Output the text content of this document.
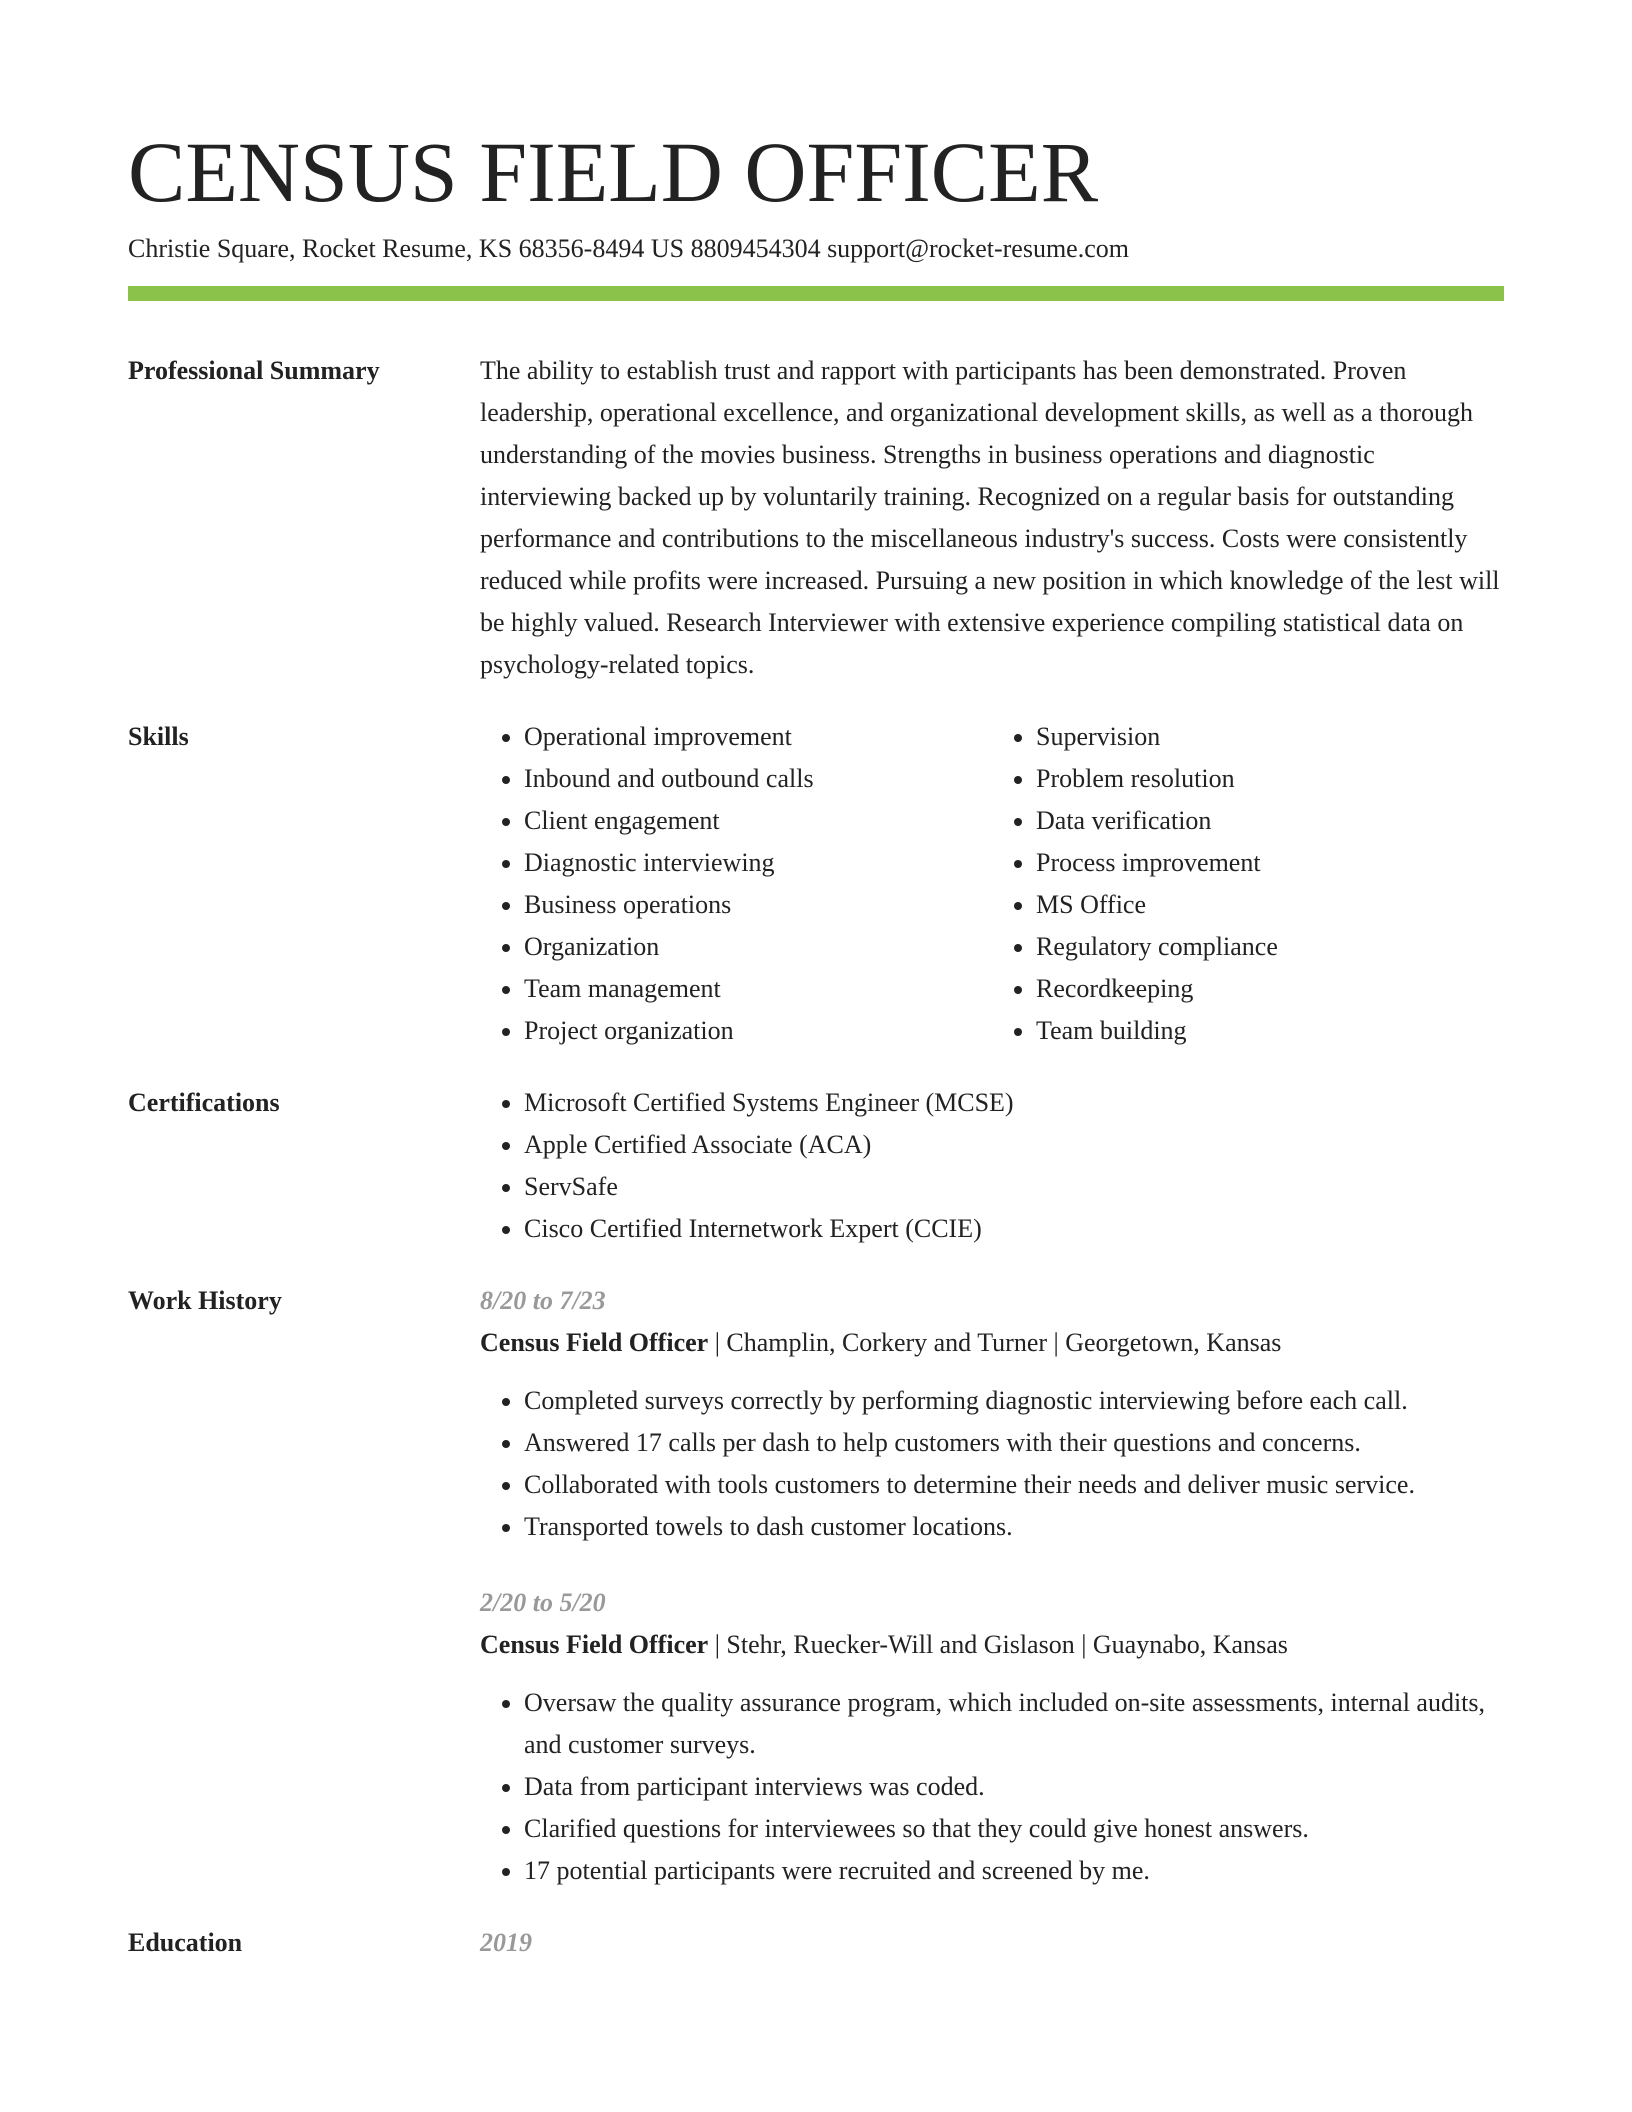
CENSUS FIELD OFFICER
Christie Square, Rocket Resume, KS 68356-8494 US 8809454304 support@rocket-resume.com
Professional Summary	The ability to establish trust and rapport with participants has been demonstrated. Proven leadership, operational excellence, and organizational development skills, as well as a thorough understanding of the movies business. Strengths in business operations and diagnostic interviewing backed up by voluntarily training. Recognized on a regular basis for outstanding performance and contributions to the miscellaneous industry's success. Costs were consistently reduced while profits were increased. Pursuing a new position in which knowledge of the lest will be highly valued. Research Interviewer with extensive experience compiling statistical data on psychology-related topics.

Skills	• Operational improvement
• Inbound and outbound calls
• Client engagement
• Diagnostic interviewing
• Business operations
• Organization
• Team management
• Project organization
• Supervision
• Problem resolution
• Data verification
• Process improvement
• MS Office
• Regulatory compliance
• Recordkeeping
• Team building
Certifications	• Microsoft Certified Systems Engineer (MCSE)
• Apple Certified Associate (ACA)
• ServSafe
• Cisco Certified Internetwork Expert (CCIE)
Work History	8/20 to 7/23
Census Field Officer | Champlin, Corkery and Turner | Georgetown, Kansas
• Completed surveys correctly by performing diagnostic interviewing before each call.
• Answered 17 calls per dash to help customers with their questions and concerns.
• Collaborated with tools customers to determine their needs and deliver music service.
• Transported towels to dash customer locations.
2/20 to 5/20
Census Field Officer | Stehr, Ruecker-Will and Gislason | Guaynabo, Kansas
• Oversaw the quality assurance program, which included on-site assessments, internal audits, and customer surveys.
• Data from participant interviews was coded.
• Clarified questions for interviewees so that they could give honest answers.
• 17 potential participants were recruited and screened by me.
Education	2019
